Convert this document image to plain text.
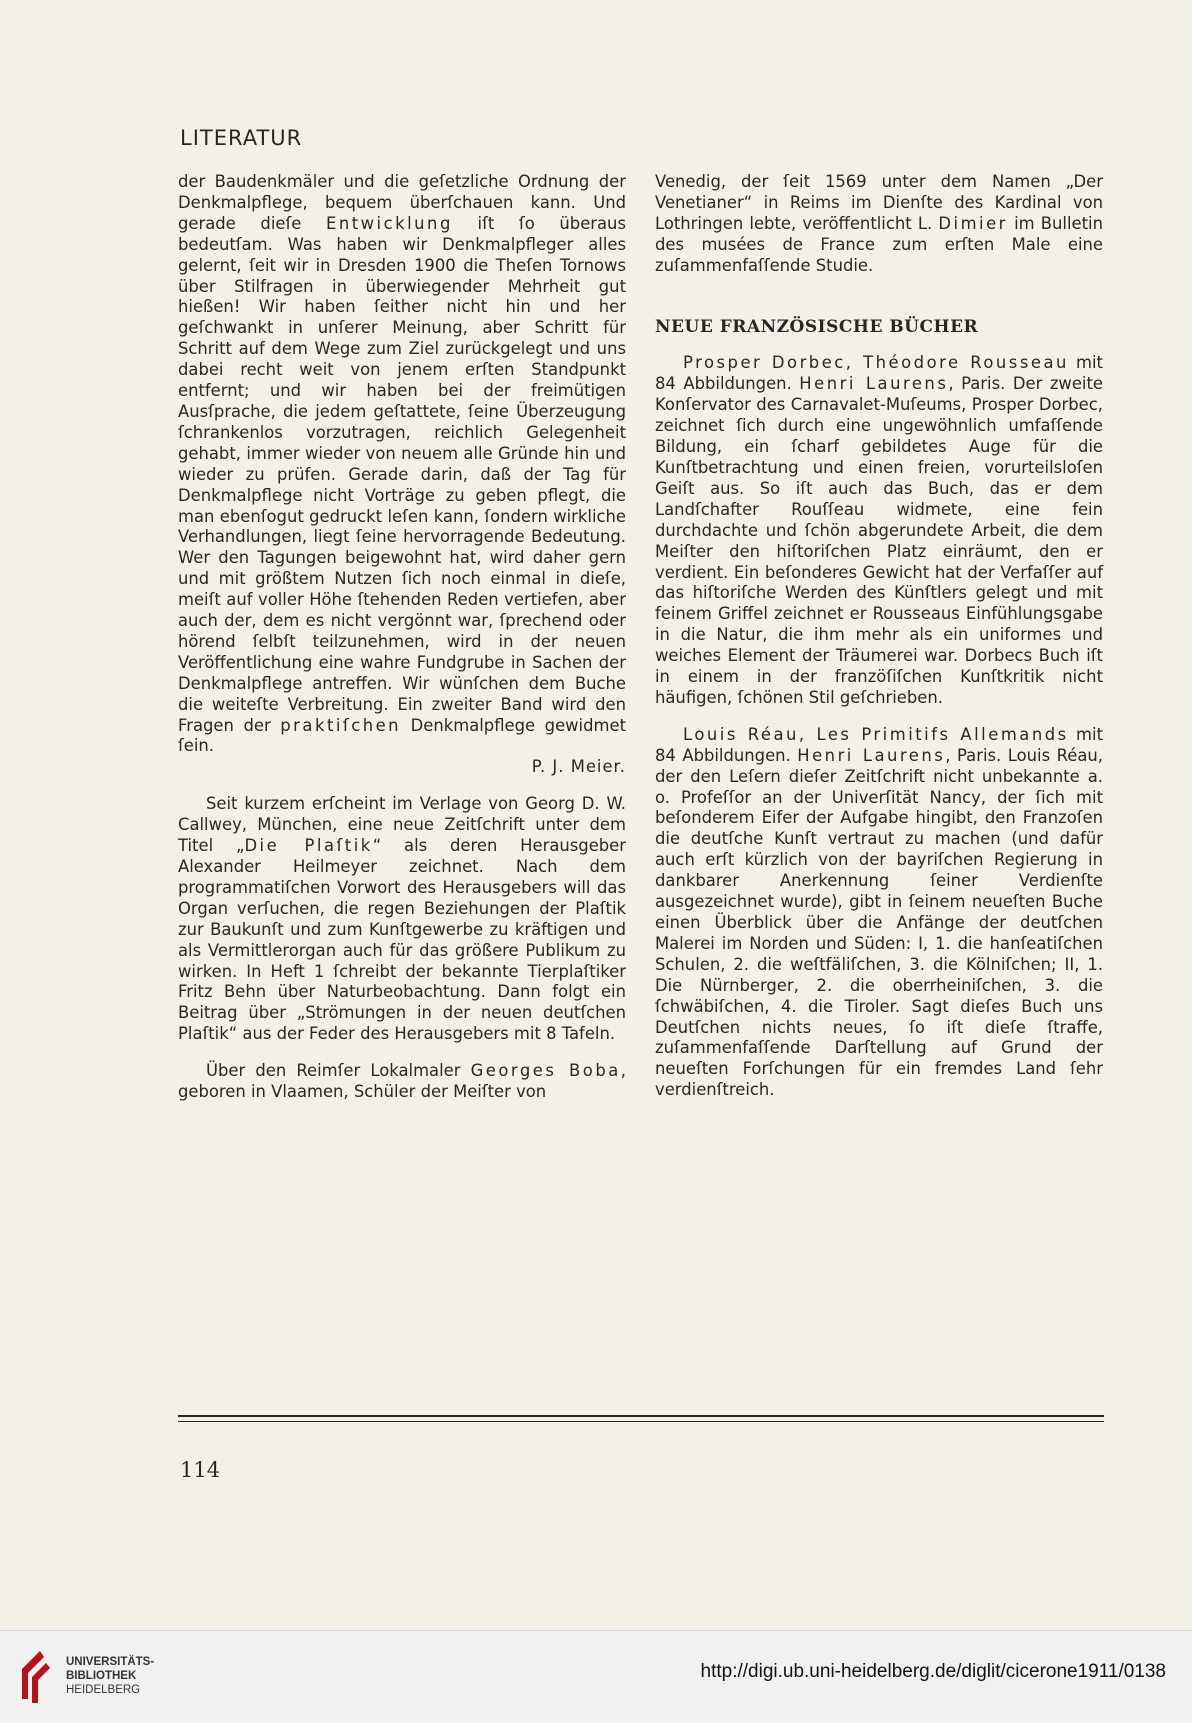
LITERATUR

der Baudenkmäler und die geſetzliche Ordnung der Denkmalpflege, bequem überſchauen kann. Und gerade dieſe Entwicklung iſt ſo überaus bedeutſam. Was haben wir Denkmalpfleger alles gelernt, ſeit wir in Dresden 1900 die Theſen Tornows über Stilfragen in überwiegender Mehrheit gut hießen! Wir haben ſeither nicht hin und her geſchwankt in unſerer Meinung, aber Schritt für Schritt auf dem Wege zum Ziel zurückgelegt und uns dabei recht weit von jenem erſten Standpunkt entfernt; und wir haben bei der freimütigen Ausſprache, die jedem geſtattete, ſeine Überzeugung ſchrankenlos vorzutragen, reichlich Gelegenheit gehabt, immer wieder von neuem alle Gründe hin und wieder zu prüfen. Gerade darin, daß der Tag für Denkmalpflege nicht Vorträge zu geben pflegt, die man ebenſogut gedruckt leſen kann, ſondern wirkliche Verhandlungen, liegt ſeine hervorragende Bedeutung. Wer den Tagungen beigewohnt hat, wird daher gern und mit größtem Nutzen ſich noch einmal in dieſe, meiſt auf voller Höhe ſtehenden Reden vertiefen, aber auch der, dem es nicht vergönnt war, ſprechend oder hörend ſelbſt teilzunehmen, wird in der neuen Veröffentlichung eine wahre Fundgrube in Sachen der Denkmalpflege antreffen. Wir wünſchen dem Buche die weiteſte Verbreitung. Ein zweiter Band wird den Fragen der praktiſchen Denkmalpflege gewidmet ſein.
P. J. Meier.

Seit kurzem erſcheint im Verlage von Georg D. W. Callwey, München, eine neue Zeitſchrift unter dem Titel „Die Plaſtik“ als deren Herausgeber Alexander Heilmeyer zeichnet. Nach dem programmatiſchen Vorwort des Herausgebers will das Organ verſuchen, die regen Beziehungen der Plaſtik zur Baukunſt und zum Kunſtgewerbe zu kräftigen und als Vermittlerorgan auch für das größere Publikum zu wirken. In Heft 1 ſchreibt der bekannte Tierplaſtiker Fritz Behn über Naturbeobachtung. Dann folgt ein Beitrag über „Strömungen in der neuen deutſchen Plaſtik“ aus der Feder des Herausgebers mit 8 Tafeln.

Über den Reimſer Lokalmaler Georges Boba, geboren in Vlaamen, Schüler der Meiſter von

Venedig, der ſeit 1569 unter dem Namen „Der Venetianer“ in Reims im Dienſte des Kardinal von Lothringen lebte, veröffentlicht L. Dimier im Bulletin des musées de France zum erſten Male eine zuſammenfaſſende Studie.

NEUE FRANZÖSISCHE BÜCHER

Prosper Dorbec, Théodore Rousseau mit 84 Abbildungen. Henri Laurens, Paris. Der zweite Konſervator des Carnavalet-Muſeums, Prosper Dorbec, zeichnet ſich durch eine ungewöhnlich umfaſſende Bildung, ein ſcharf gebildetes Auge für die Kunſtbetrachtung und einen freien, vorurteilsloſen Geiſt aus. So iſt auch das Buch, das er dem Landſchafter Rouſſeau widmete, eine fein durchdachte und ſchön abgerundete Arbeit, die dem Meiſter den hiſtoriſchen Platz einräumt, den er verdient. Ein beſonderes Gewicht hat der Verfaſſer auf das hiſtoriſche Werden des Künſtlers gelegt und mit feinem Griffel zeichnet er Rousseaus Einfühlungsgabe in die Natur, die ihm mehr als ein uniformes und weiches Element der Träumerei war. Dorbecs Buch iſt in einem in der franzöſiſchen Kunſtkritik nicht häufigen, ſchönen Stil geſchrieben.

Louis Réau, Les Primitifs Allemands mit 84 Abbildungen. Henri Laurens, Paris. Louis Réau, der den Leſern dieſer Zeitſchrift nicht unbekannte a. o. Profeſſor an der Univerſität Nancy, der ſich mit beſonderem Eifer der Aufgabe hingibt, den Franzoſen die deutſche Kunſt vertraut zu machen (und dafür auch erſt kürzlich von der bayriſchen Regierung in dankbarer Anerkennung ſeiner Verdienſte ausgezeichnet wurde), gibt in ſeinem neueſten Buche einen Überblick über die Anfänge der deutſchen Malerei im Norden und Süden: I, 1. die hanſeatiſchen Schulen, 2. die weſtfäliſchen, 3. die Kölniſchen; II, 1. Die Nürnberger, 2. die oberrheiniſchen, 3. die ſchwäbiſchen, 4. die Tiroler. Sagt dieſes Buch uns Deutſchen nichts neues, ſo iſt dieſe ſtraffe, zuſammenfaſſende Darſtellung auf Grund der neueſten Forſchungen für ein fremdes Land ſehr verdienſtreich.

114
UNIVERSITÄTS-
BIBLIOTHEK
HEIDELBERG
http://digi.ub.uni-heidelberg.de/diglit/cicerone1911/0138
